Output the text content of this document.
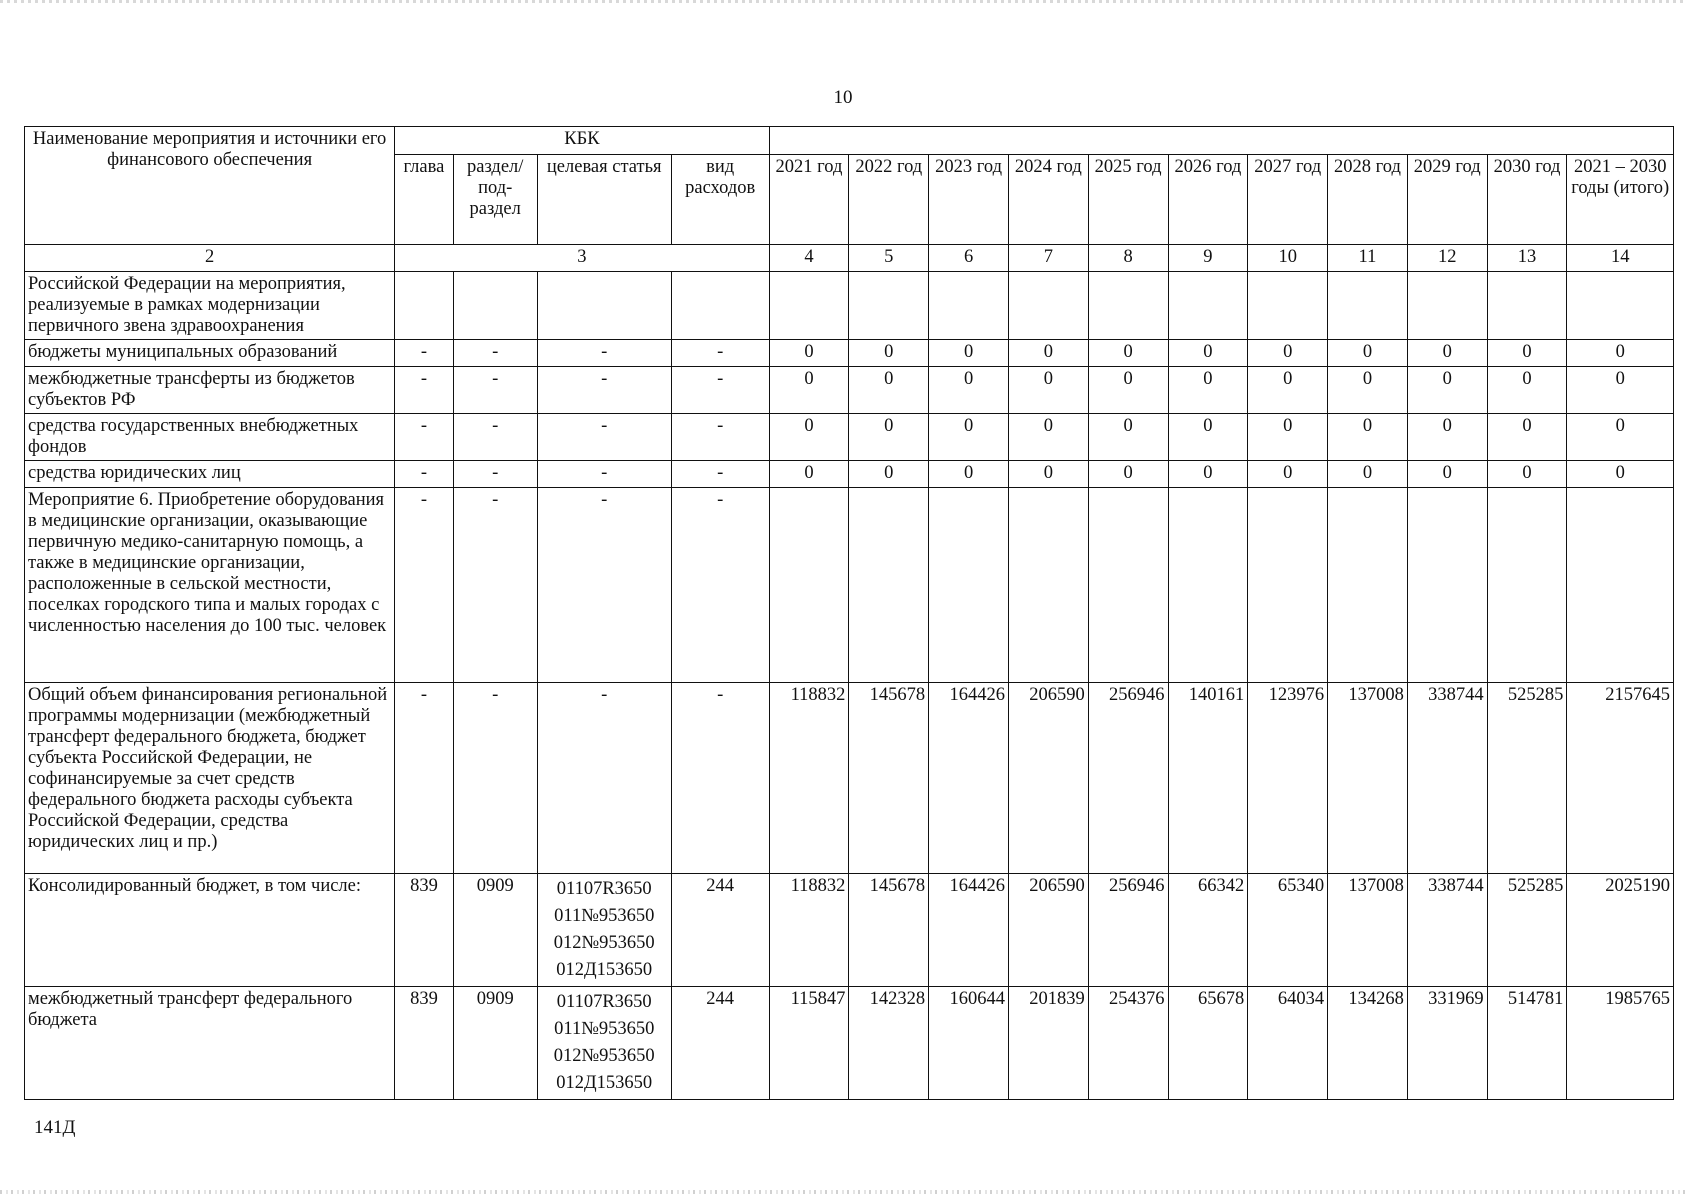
10
Наименование мероприятия и источники его финансового обеспечения	КБК														
	глава	раздел/ под- раздел	целевая статья	вид расходов	2021 год	2022 год	2023 год	2024 год	2025 год	2026 год	2027 год	2028 год	2029 год	2030 год	2021 – 2030 годы (итого)
2	3				4	5	6	7	8	9	10	11	12	13	14
Российской Федерации на мероприятия, реализуемые в рамках модернизации первичного звена здравоохранения															
бюджеты муниципальных образований	-	-	-	-	0	0	0	0	0	0	0	0	0	0	0
межбюджетные трансферты из бюджетов субъектов РФ	-	-	-	-	0	0	0	0	0	0	0	0	0	0	0
средства государственных внебюджетных фондов	-	-	-	-	0	0	0	0	0	0	0	0	0	0	0
средства юридических лиц	-	-	-	-	0	0	0	0	0	0	0	0	0	0	0
Мероприятие 6. Приобретение оборудования в медицинские организации, оказывающие первичную медико-санитарную помощь, а также в медицинские организации, расположенные в сельской местности, поселках городского типа и малых городах с численностью населения до 100 тыс. человек	-	-	-	-											
Общий объем финансирования региональной программы модернизации (межбюджетный трансферт федерального бюджета, бюджет субъекта Российской Федерации, не софинансируемые за счет средств федерального бюджета расходы субъекта Российской Федерации, средства юридических лиц и пр.)	-	-	-	-	118832	145678	164426	206590	256946	140161	123976	137008	338744	525285	2157645
Консолидированный бюджет, в том числе:	839	0909	01107R3650
011№953650
012№953650
012Д153650	244	118832	145678	164426	206590	256946	66342	65340	137008	338744	525285	2025190
межбюджетный трансферт федерального бюджета	839	0909	01107R3650
011№953650
012№953650
012Д153650	244	115847	142328	160644	201839	254376	65678	64034	134268	331969	514781	1985765
141Д
